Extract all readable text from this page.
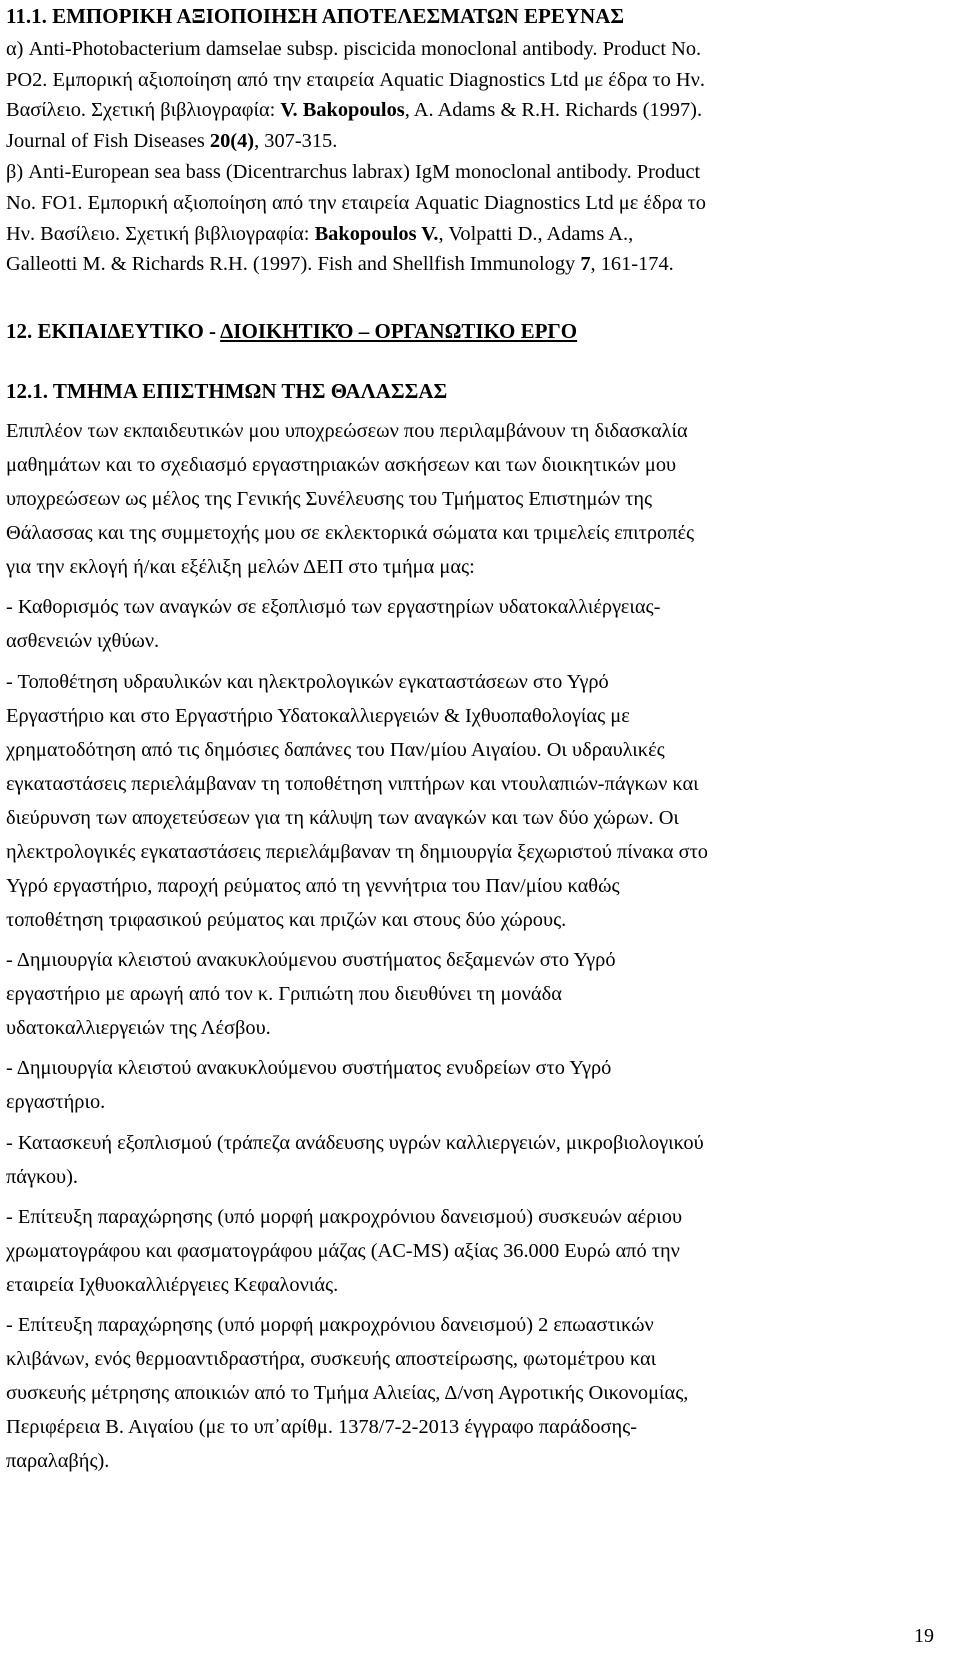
11.1. ΕΜΠΟΡΙΚΗ ΑΞΙΟΠΟΙΗΣΗ ΑΠΟΤΕΛΕΣΜΑΤΩΝ ΕΡΕΥΝΑΣ
α) Anti-Photobacterium damselae subsp. piscicida monoclonal antibody. Product No.
PO2. Εμπορική αξιοποίηση από την εταιρεία Aquatic Diagnostics Ltd με έδρα το Ην.
Βασίλειο. Σχετική βιβλιογραφία: V. Bakopoulos, A. Adams & R.H. Richards (1997).
Journal of Fish Diseases 20(4), 307-315.
β) Anti-European sea bass (Dicentrarchus labrax) IgM monoclonal antibody. Product
No. FO1. Εμπορική αξιοποίηση από την εταιρεία Aquatic Diagnostics Ltd με έδρα το
Ην. Βασίλειο. Σχετική βιβλιογραφία: Bakopoulos V., Volpatti D., Adams A.,
Galleotti M. & Richards R.H. (1997). Fish and Shellfish Immunology 7, 161-174.
12. ΕΚΠΑΙΔΕΥΤΙΚΟ - ΔΙΟΙΚΗΤΙΚΌ – ΟΡΓΑΝΩΤΙΚΟ ΕΡΓΟ
12.1. ΤΜΗΜΑ ΕΠΙΣΤΗΜΩΝ ΤΗΣ ΘΑΛΑΣΣΑΣ
Επιπλέον των εκπαιδευτικών μου υποχρεώσεων που περιλαμβάνουν τη διδασκαλία
μαθημάτων και το σχεδιασμό εργαστηριακών ασκήσεων και των διοικητικών μου
υποχρεώσεων ως μέλος της Γενικής Συνέλευσης του Τμήματος Επιστημών της
Θάλασσας και της συμμετοχής μου σε εκλεκτορικά σώματα και τριμελείς επιτροπές
για την εκλογή ή/και εξέλιξη μελών ΔΕΠ στο τμήμα μας:
- Καθορισμός των αναγκών σε εξοπλισμό των εργαστηρίων υδατοκαλλιέργειας-
ασθενειών ιχθύων.
- Τοποθέτηση υδραυλικών και ηλεκτρολογικών εγκαταστάσεων στο Υγρό
Εργαστήριο και στο Εργαστήριο Υδατοκαλλιεργειών & Ιχθυοπαθολογίας με
χρηματοδότηση από τις δημόσιες δαπάνες του Παν/μίου Αιγαίου. Οι υδραυλικές
εγκαταστάσεις περιελάμβαναν τη τοποθέτηση νιπτήρων και ντουλαπιών-πάγκων και
διεύρυνση των αποχετεύσεων για τη κάλυψη των αναγκών και των δύο χώρων. Οι
ηλεκτρολογικές εγκαταστάσεις περιελάμβαναν τη δημιουργία ξεχωριστού πίνακα στο
Υγρό εργαστήριο, παροχή ρεύματος από τη γεννήτρια του Παν/μίου καθώς
τοποθέτηση τριφασικού ρεύματος και πριζών και στους δύο χώρους.
- Δημιουργία κλειστού ανακυκλούμενου συστήματος δεξαμενών στο Υγρό
εργαστήριο με αρωγή από τον κ. Γριπιώτη που διευθύνει τη μονάδα
υδατοκαλλιεργειών της Λέσβου.
- Δημιουργία κλειστού ανακυκλούμενου συστήματος ενυδρείων στο Υγρό
εργαστήριο.
- Κατασκευή εξοπλισμού (τράπεζα ανάδευσης υγρών καλλιεργειών, μικροβιολογικού
πάγκου).
- Επίτευξη παραχώρησης (υπό μορφή μακροχρόνιου δανεισμού) συσκευών αέριου
χρωματογράφου και φασματογράφου μάζας (AC-MS) αξίας 36.000 Ευρώ από την
εταιρεία Ιχθυοκαλλιέργειες Κεφαλονιάς.
- Επίτευξη παραχώρησης (υπό μορφή μακροχρόνιου δανεισμού) 2 επωαστικών
κλιβάνων, ενός θερμοαντιδραστήρα, συσκευής αποστείρωσης, φωτομέτρου και
συσκευής μέτρησης αποικιών από το Τμήμα Αλιείας, Δ/νση Αγροτικής Οικονομίας,
Περιφέρεια Β. Αιγαίου (με το υπ᾽αρίθμ. 1378/7-2-2013 έγγραφο παράδοσης-
παραλαβής).
19
